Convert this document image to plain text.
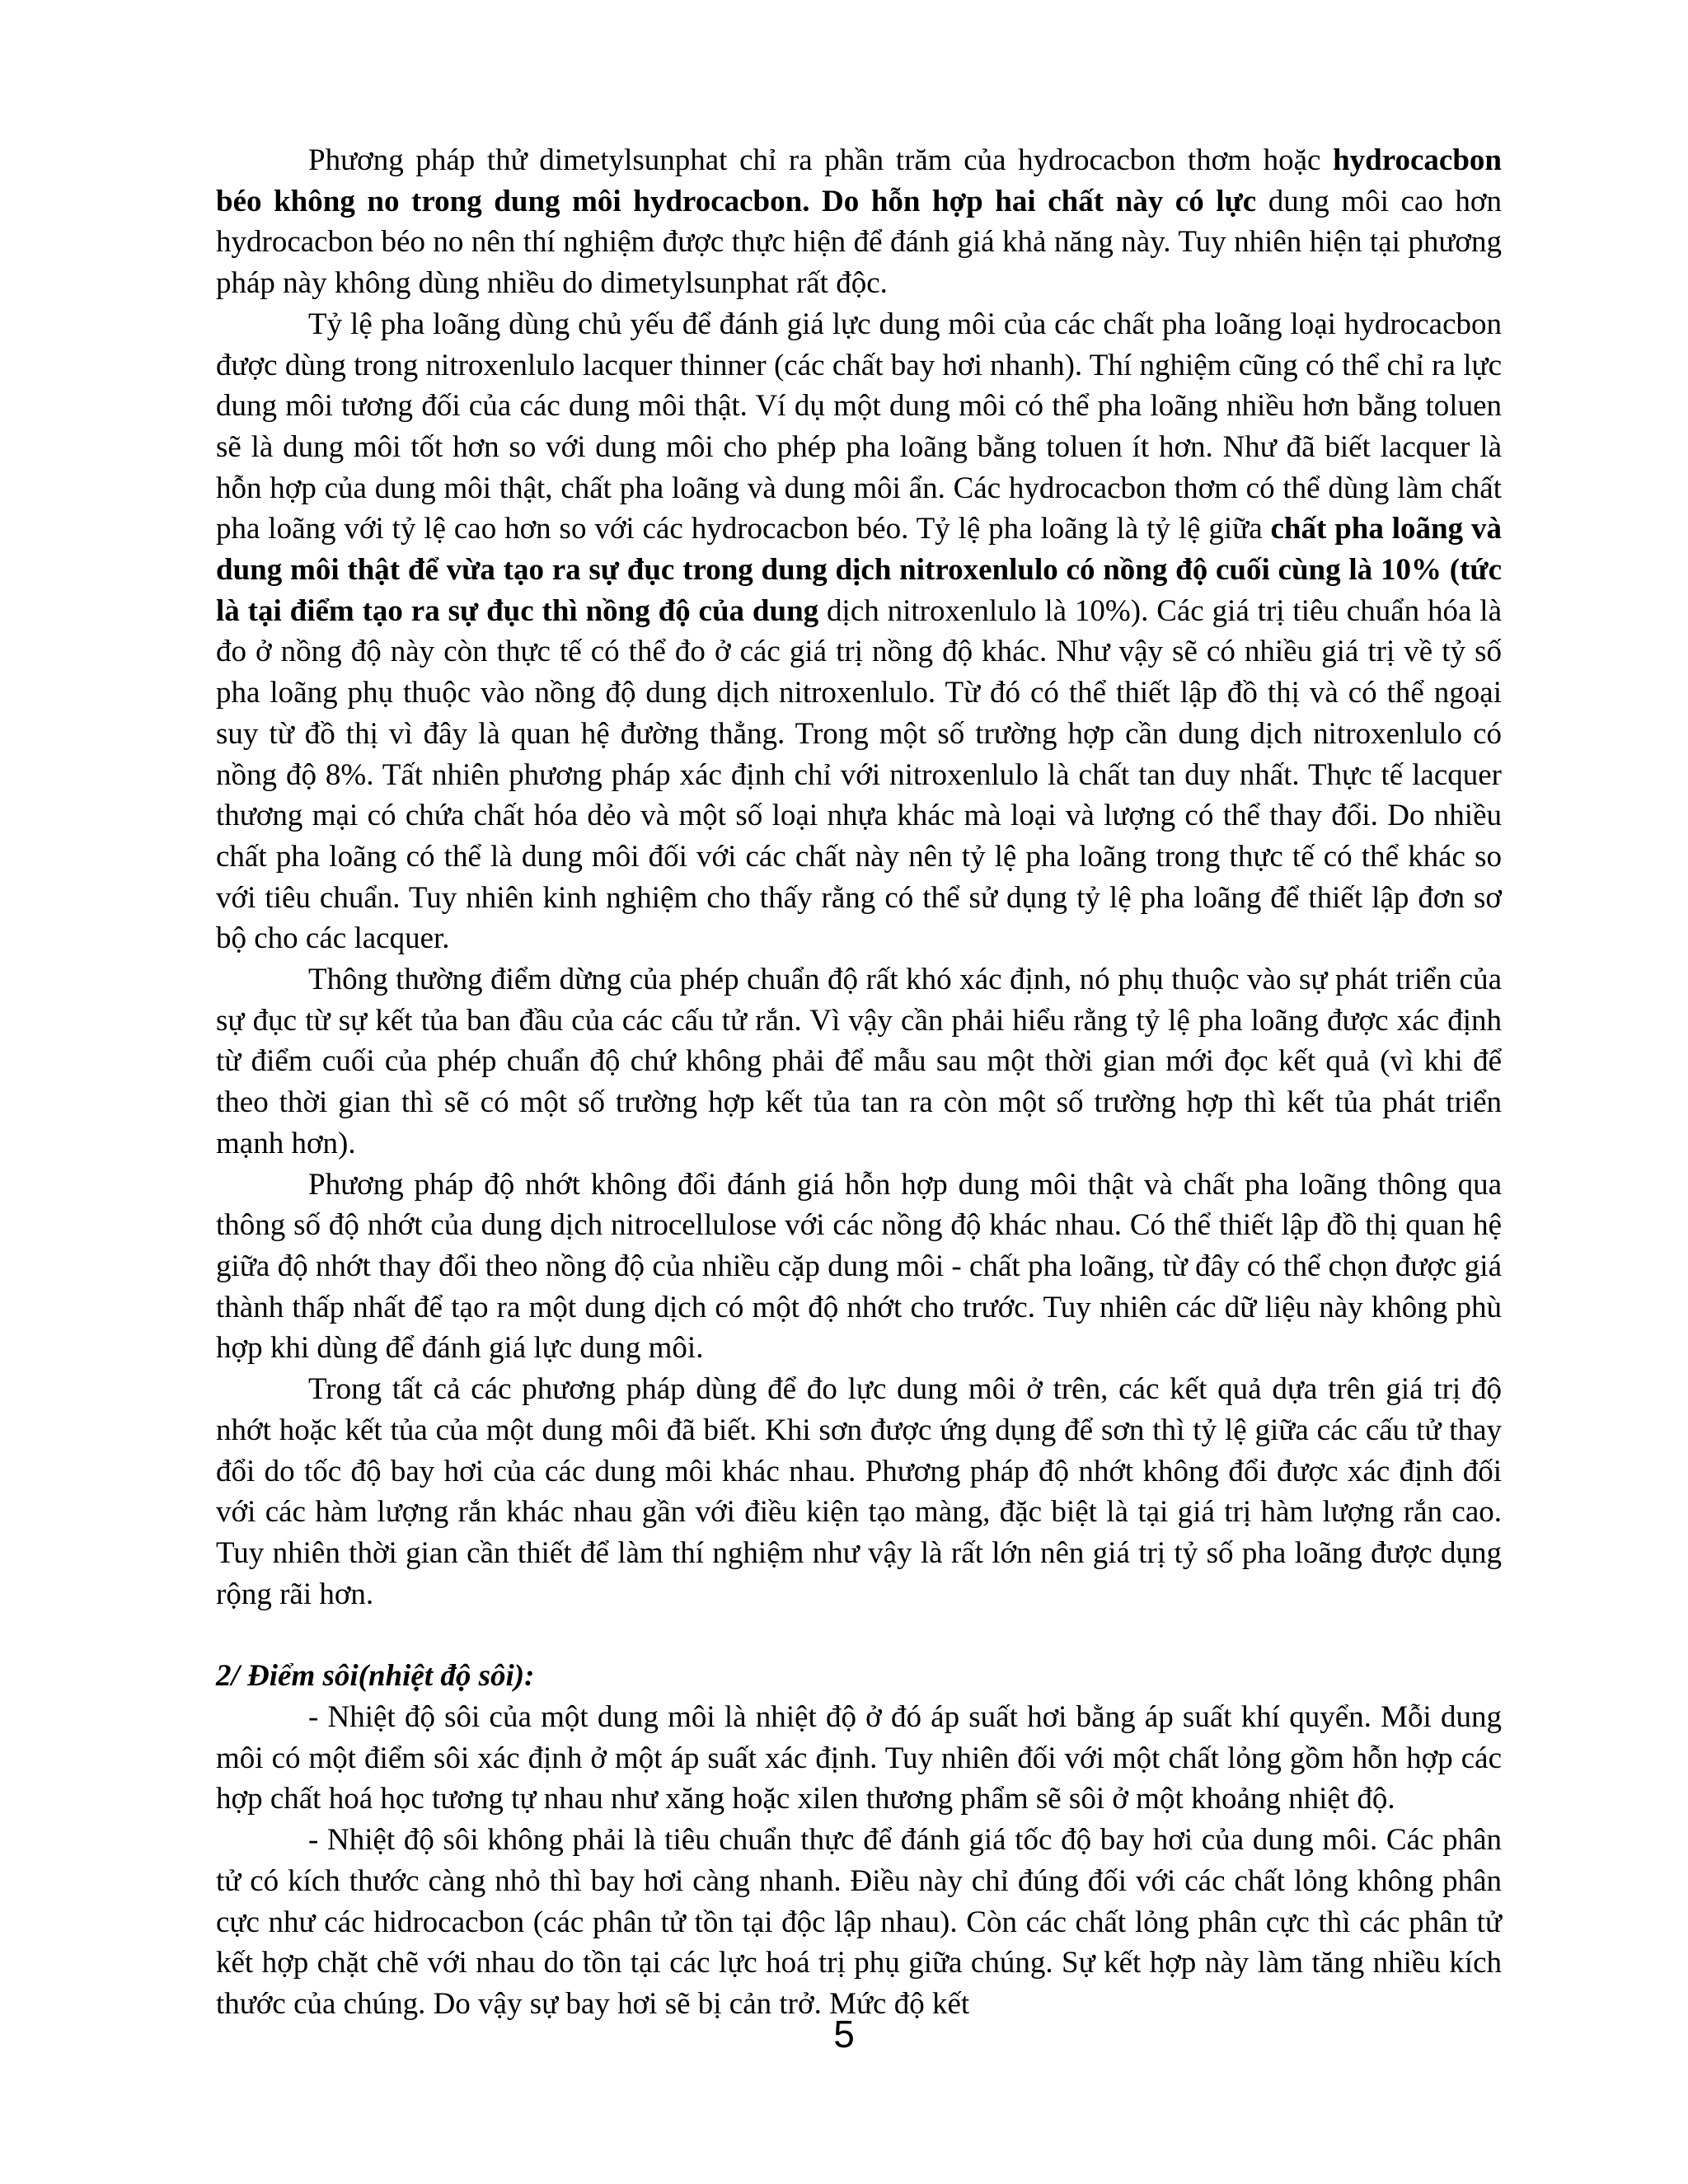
Phương pháp thử dimetylsunphat chỉ ra phần trăm của hydrocacbon thơm hoặc hydrocacbon béo không no trong dung môi hydrocacbon. Do hỗn hợp hai chất này có lực dung môi cao hơn hydrocacbon béo no nên thí nghiệm được thực hiện để đánh giá khả năng này. Tuy nhiên hiện tại phương pháp này không dùng nhiều do dimetylsunphat rất độc.

Tỷ lệ pha loãng dùng chủ yếu để đánh giá lực dung môi của các chất pha loãng loại hydrocacbon được dùng trong nitroxenlulo lacquer thinner (các chất bay hơi nhanh). Thí nghiệm cũng có thể chỉ ra lực dung môi tương đối của các dung môi thật. Ví dụ một dung môi có thể pha loãng nhiều hơn bằng toluen sẽ là dung môi tốt hơn so với dung môi cho phép pha loãng bằng toluen ít hơn. Như đã biết lacquer là hỗn hợp của dung môi thật, chất pha loãng và dung môi ẩn. Các hydrocacbon thơm có thể dùng làm chất pha loãng với tỷ lệ cao hơn so với các hydrocacbon béo. Tỷ lệ pha loãng là tỷ lệ giữa chất pha loãng và dung môi thật để vừa tạo ra sự đục trong dung dịch nitroxenlulo có nồng độ cuối cùng là 10% (tức là tại điểm tạo ra sự đục thì nồng độ của dung dịch nitroxenlulo là 10%). Các giá trị tiêu chuẩn hóa là đo ở nồng độ này còn thực tế có thể đo ở các giá trị nồng độ khác. Như vậy sẽ có nhiều giá trị về tỷ số pha loãng phụ thuộc vào nồng độ dung dịch nitroxenlulo. Từ đó có thể thiết lập đồ thị và có thể ngoại suy từ đồ thị vì đây là quan hệ đường thẳng. Trong một số trường hợp cần dung dịch nitroxenlulo có nồng độ 8%. Tất nhiên phương pháp xác định chỉ với nitroxenlulo là chất tan duy nhất. Thực tế lacquer thương mại có chứa chất hóa dẻo và một số loại nhựa khác mà loại và lượng có thể thay đổi. Do nhiều chất pha loãng có thể là dung môi đối với các chất này nên tỷ lệ pha loãng trong thực tế có thể khác so với tiêu chuẩn. Tuy nhiên kinh nghiệm cho thấy rằng có thể sử dụng tỷ lệ pha loãng để thiết lập đơn sơ bộ cho các lacquer.

Thông thường điểm dừng của phép chuẩn độ rất khó xác định, nó phụ thuộc vào sự phát triển của sự đục từ sự kết tủa ban đầu của các cấu tử rắn. Vì vậy cần phải hiểu rằng tỷ lệ pha loãng được xác định từ điểm cuối của phép chuẩn độ chứ không phải để mẫu sau một thời gian mới đọc kết quả (vì khi để theo thời gian thì sẽ có một số trường hợp kết tủa tan ra còn một số trường hợp thì kết tủa phát triển mạnh hơn).

Phương pháp độ nhớt không đổi đánh giá hỗn hợp dung môi thật và chất pha loãng thông qua thông số độ nhớt của dung dịch nitrocellulose với các nồng độ khác nhau. Có thể thiết lập đồ thị quan hệ giữa độ nhớt thay đổi theo nồng độ của nhiều cặp dung môi - chất pha loãng, từ đây có thể chọn được giá thành thấp nhất để tạo ra một dung dịch có một độ nhớt cho trước. Tuy nhiên các dữ liệu này không phù hợp khi dùng để đánh giá lực dung môi.

Trong tất cả các phương pháp dùng để đo lực dung môi ở trên, các kết quả dựa trên giá trị độ nhớt hoặc kết tủa của một dung môi đã biết. Khi sơn được ứng dụng để sơn thì tỷ lệ giữa các cấu tử thay đổi do tốc độ bay hơi của các dung môi khác nhau. Phương pháp độ nhớt không đổi được xác định đối với các hàm lượng rắn khác nhau gần với điều kiện tạo màng, đặc biệt là tại giá trị hàm lượng rắn cao. Tuy nhiên thời gian cần thiết để làm thí nghiệm như vậy là rất lớn nên giá trị tỷ số pha loãng được dụng rộng rãi hơn.

2/ Điểm sôi(nhiệt độ sôi):

- Nhiệt độ sôi của một dung môi là nhiệt độ ở đó áp suất hơi bằng áp suất khí quyển. Mỗi dung môi có một điểm sôi xác định ở một áp suất xác định. Tuy nhiên đối với một chất lỏng gồm hỗn hợp các hợp chất hoá học tương tự nhau như xăng hoặc xilen thương phẩm sẽ sôi ở một khoảng nhiệt độ.

- Nhiệt độ sôi không phải là tiêu chuẩn thực để đánh giá tốc độ bay hơi của dung môi. Các phân tử có kích thước càng nhỏ thì bay hơi càng nhanh. Điều này chỉ đúng đối với các chất lỏng không phân cực như các hidrocacbon (các phân tử tồn tại độc lập nhau). Còn các chất lỏng phân cực thì các phân tử kết hợp chặt chẽ với nhau do tồn tại các lực hoá trị phụ giữa chúng. Sự kết hợp này làm tăng nhiều kích thước của chúng. Do vậy sự bay hơi sẽ bị cản trở. Mức độ kết

5
